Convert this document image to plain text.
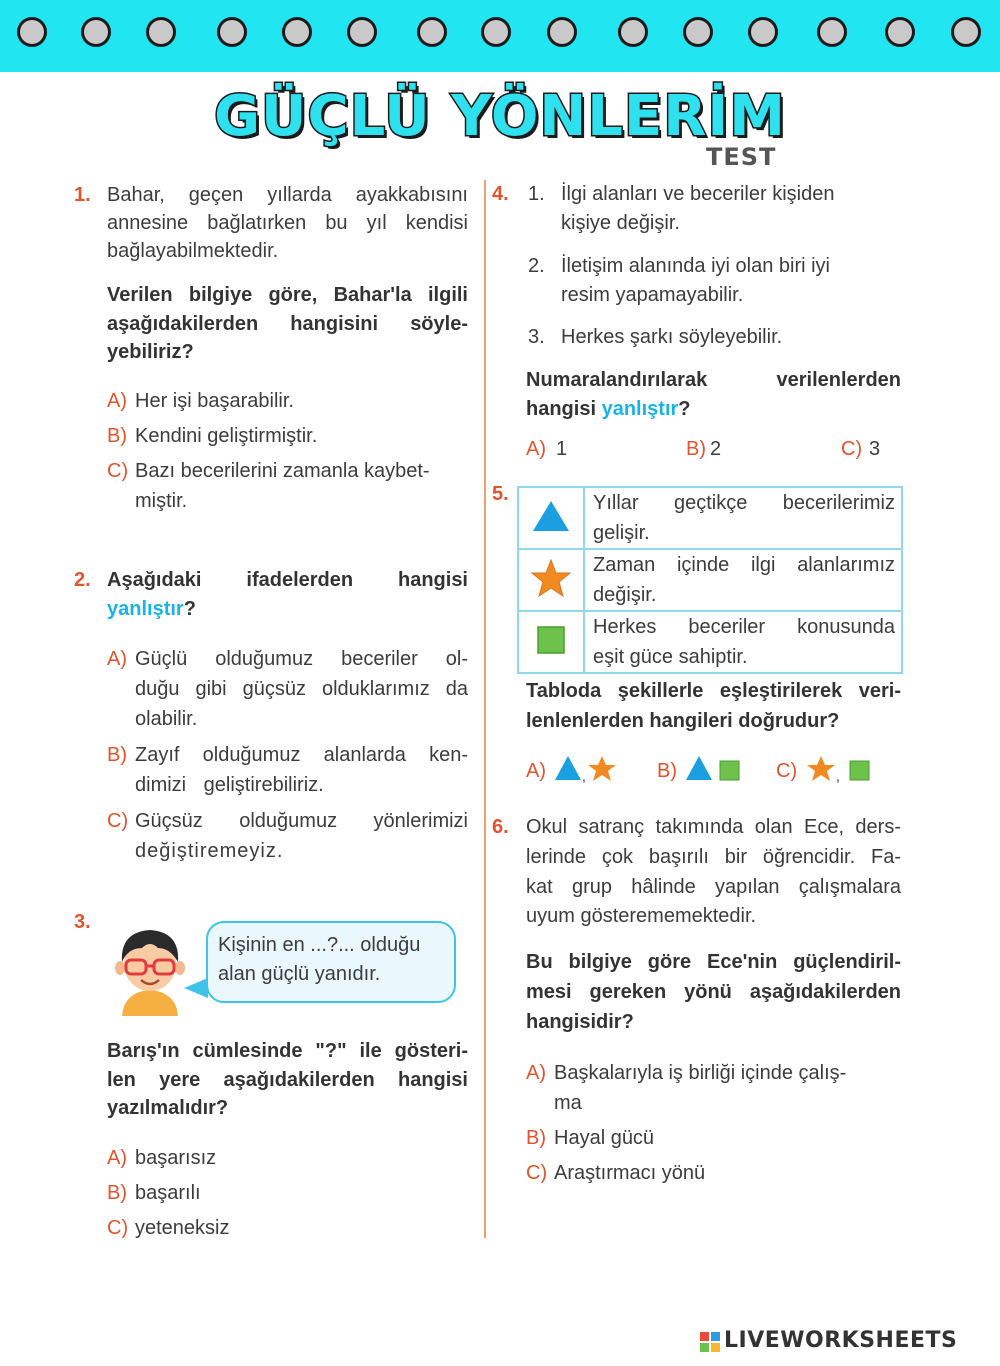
GÜÇLÜ YÖNLERİM
TEST
1. Bahar, geçen yıllarda ayakkabısını
annesine bağlatırken bu yıl kendisi
bağlayabilmektedir.
Verilen bilgiye göre, Bahar'la ilgili
aşağıdakilerden hangisini söyle-
yebiliriz?
A) Her işi başarabilir.
B) Kendini geliştirmiştir.
C) Bazı becerilerini zamanla kaybet-
miştir.
2. Aşağıdaki ifadelerden hangisi
yanlıştır?
A) Güçlü olduğumuz beceriler ol-
duğu gibi güçsüz olduklarımız da
olabilir.
B) Zayıf olduğumuz alanlarda ken-
dimizi geliştirebiliriz.
C) Güçsüz olduğumuz yönlerimizi
değiştiremeyiz.
3.
Kişinin en ...?... olduğu
alan güçlü yanıdır.
Barış'ın cümlesinde "?" ile gösteri-
len yere aşağıdakilerden hangisi
yazılmalıdır?
A) başarısız
B) başarılı
C) yeteneksiz
4. 1. İlgi alanları ve beceriler kişiden
kişiye değişir.
2. İletişim alanında iyi olan biri iyi
resim yapamayabilir.
3. Herkes şarkı söyleyebilir.
Numaralandırılarak verilenlerden
hangisi yanlıştır?
A) 1	B) 2	C) 3
5.
		Yıllar geçtikçe becerilerimiz
gelişir.

Zaman içinde ilgi alanlarımız
değişir.

Herkes beceriler konusunda
eşit güce sahiptir.
Tabloda şekillerle eşleştirilerek veri-
lenlenlerden hangileri doğrudur?
A)	,	B)	C)	,
6. Okul satranç takımında olan Ece, ders-
lerinde çok başırılı bir öğrencidir. Fa-
kat grup hâlinde yapılan çalışmalara
uyum gösterememektedir.
Bu bilgiye göre Ece'nin güçlendiril-
mesi gereken yönü aşağıdakilerden
hangisidir?
A) Başkalarıyla iş birliği içinde çalış-
ma
B) Hayal gücü
C) Araştırmacı yönü
LIVEWORKSHEETS
